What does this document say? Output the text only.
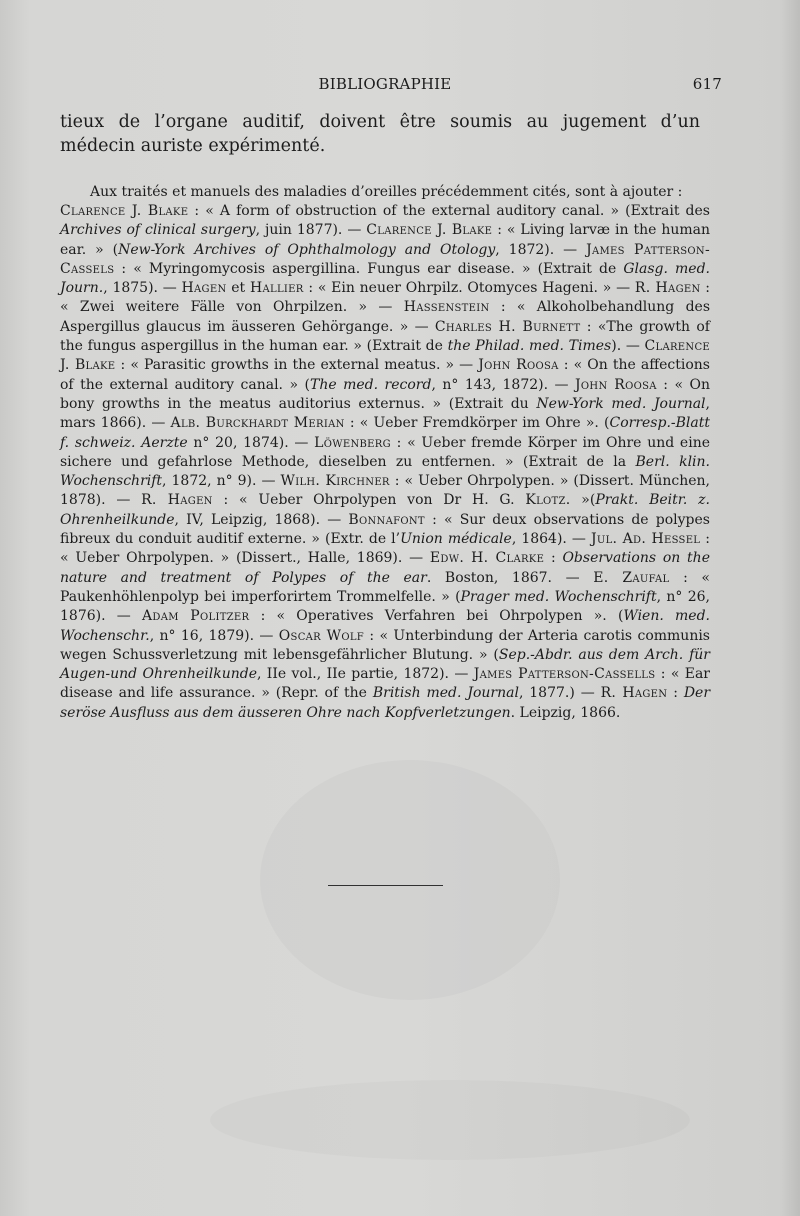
BIBLIOGRAPHIE	617
tieux de l’organe auditif, doivent être soumis au jugement d’un médecin auriste expérimenté.
Aux traités et manuels des maladies d’oreilles précédemment cités, sont à ajouter :

Clarence J. Blake : « A form of obstruction of the external auditory canal. » (Extrait des Archives of clinical surgery, juin 1877). — Clarence J. Blake : « Living larvæ in the human ear. » (New-York Archives of Ophthalmology and Otology, 1872). — James Patterson-Cassels : « Myringomycosis aspergillina. Fungus ear disease. » (Extrait de Glasg. med. Journ., 1875). — Hagen et Hallier : « Ein neuer Ohrpilz. Otomyces Hageni. » — R. Hagen : « Zwei weitere Fälle von Ohrpilzen. » — Hassenstein : « Alkoholbehandlung des Aspergillus glaucus im äusseren Gehörgange. » — Charles H. Burnett : «The growth of the fungus aspergillus in the human ear. » (Extrait de the Philad. med. Times). — Clarence J. Blake : « Parasitic growths in the external meatus. » — John Roosa : « On the affections of the external auditory canal. » (The med. record, n° 143, 1872). — John Roosa : « On bony growths in the meatus auditorius externus. » (Extrait du New-York med. Journal, mars 1866). — Alb. Burckhardt Merian : « Ueber Fremdkörper im Ohre ». (Corresp.-Blatt f. schweiz. Aerzte n° 20, 1874). — Löwenberg : « Ueber fremde Körper im Ohre und eine sichere und gefahrlose Methode, dieselben zu entfernen. » (Extrait de la Berl. klin. Wochenschrift, 1872, n° 9). — Wilh. Kirchner : « Ueber Ohrpolypen. » (Dissert. München, 1878). — R. Hagen : « Ueber Ohrpolypen von Dr H. G. Klotz. »(Prakt. Beitr. z. Ohrenheilkunde, IV, Leipzig, 1868). — Bonnafont : « Sur deux observations de polypes fibreux du conduit auditif externe. » (Extr. de l’Union médicale, 1864). — Jul. Ad. Hessel : « Ueber Ohrpolypen. » (Dissert., Halle, 1869). — Edw. H. Clarke : Observations on the nature and treatment of Polypes of the ear. Boston, 1867. — E. Zaufal : « Paukenhöhlenpolyp bei imperforirtem Trommelfelle. » (Prager med. Wochenschrift, n° 26, 1876). — Adam Politzer : « Operatives Verfahren bei Ohrpolypen ». (Wien. med. Wochenschr., n° 16, 1879). — Oscar Wolf : « Unterbindung der Arteria carotis communis wegen Schussverletzung mit lebensgefährlicher Blutung. » (Sep.-Abdr. aus dem Arch. für Augen-und Ohrenheilkunde, IIe vol., IIe partie, 1872). — James Patterson-Cassells : « Ear disease and life assurance. » (Repr. of the British med. Journal, 1877.) — R. Hagen : Der seröse Ausfluss aus dem äusseren Ohre nach Kopfverletzungen. Leipzig, 1866.
